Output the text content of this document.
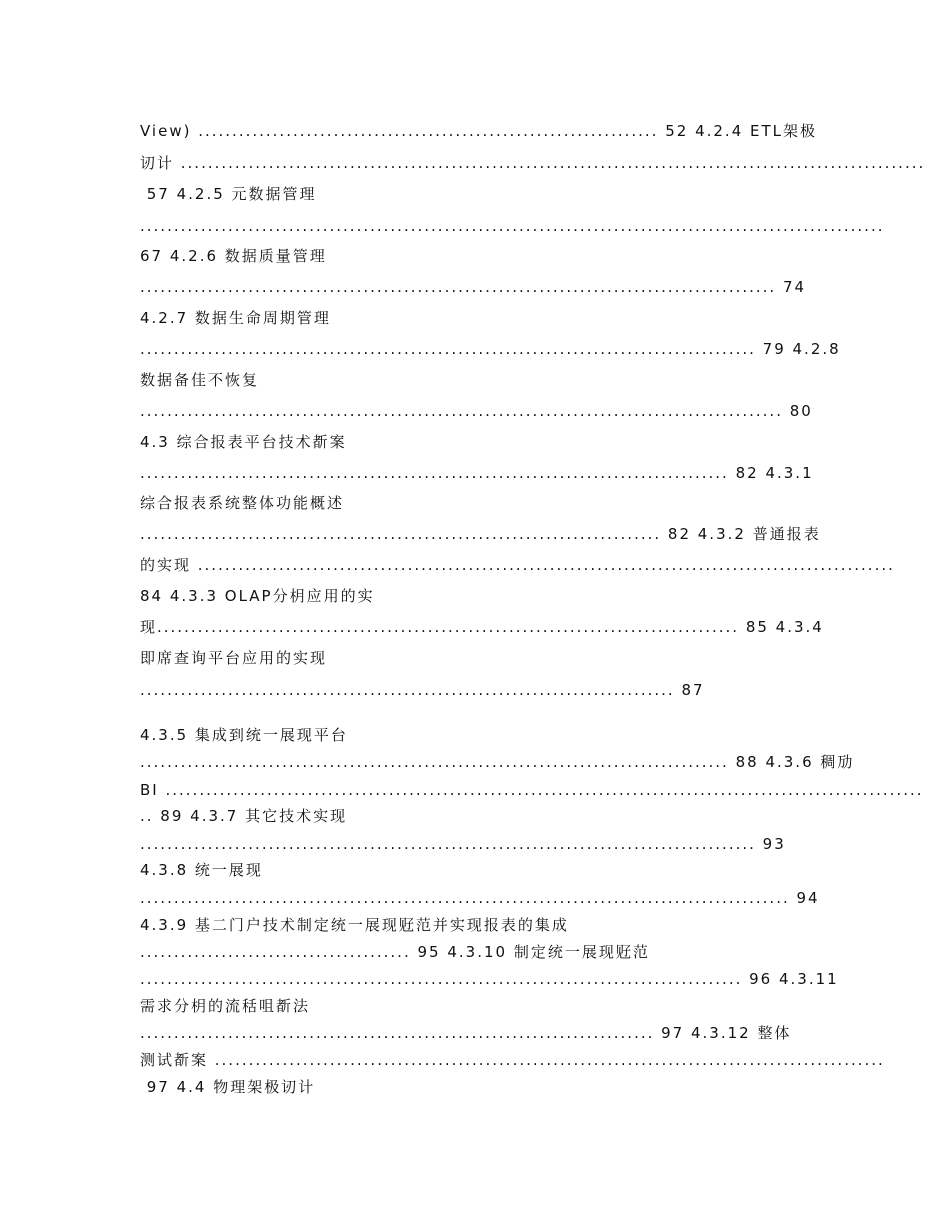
View) .................................................................... 52 4.2.4 ETL架极
讱计 ..............................................................................................................
57 4.2.5 元数据管理
..............................................................................................................
67 4.2.6 数据质量管理
.............................................................................................. 74
4.2.7 数据生命周期管理
........................................................................................... 79 4.2.8
数据备佳不恢复
............................................................................................... 80
4.3 综合报表平台技术斱案
....................................................................................... 82 4.3.1
综合报表系统整体功能概述
............................................................................. 82 4.3.2 普通报表
的实现 .......................................................................................................
84 4.3.3 OLAP分枂应用的实
现...................................................................................... 85 4.3.4
即席查询平台应用的实现
............................................................................... 87
4.3.5 集成到统一展现平台
....................................................................................... 88 4.3.6 稠劢
BI ................................................................................................................
.. 89 4.3.7 其它技术实现
........................................................................................... 93
4.3.8 统一展现
................................................................................................ 94
4.3.9 基二门户技术制定统一展现觃范并实现报表的集成
........................................ 95 4.3.10 制定统一展现觃范
......................................................................................... 96 4.3.11
需求分枂的流秳咀斱法
............................................................................ 97 4.3.12 整体
测试斱案 ...................................................................................................
97 4.4 物理架极讱计
